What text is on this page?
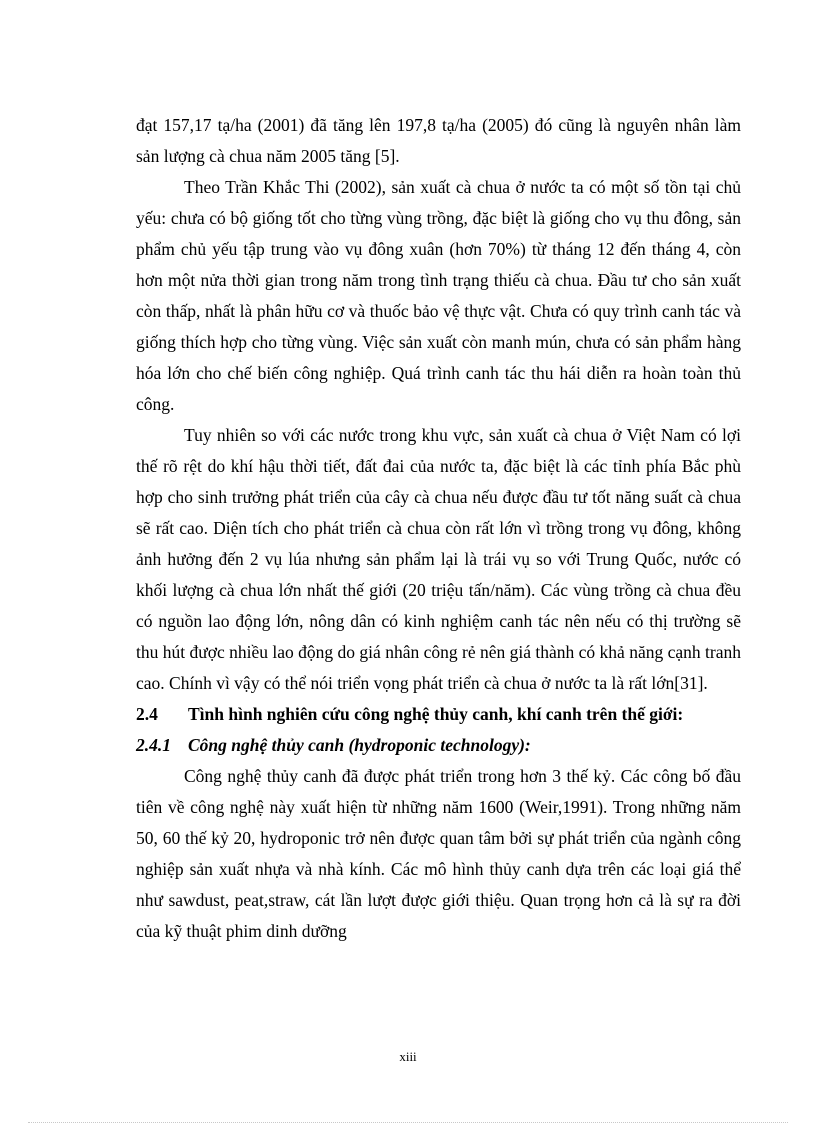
đạt 157,17 tạ/ha (2001) đã tăng lên 197,8 tạ/ha (2005) đó cũng là nguyên nhân làm sản lượng cà chua năm 2005 tăng [5].

Theo Trần Khắc Thi (2002), sản xuất cà chua ở nước ta có một số tồn tại chủ yếu: chưa có bộ giống tốt cho từng vùng trồng, đặc biệt là giống cho vụ thu đông, sản phẩm chủ yếu tập trung vào vụ đông xuân (hơn 70%) từ tháng 12 đến tháng 4, còn hơn một nửa thời gian trong năm trong tình trạng thiếu cà chua. Đầu tư cho sản xuất còn thấp, nhất là phân hữu cơ và thuốc bảo vệ thực vật. Chưa có quy trình canh tác và giống thích hợp cho từng vùng. Việc sản xuất còn manh mún, chưa có sản phẩm hàng hóa lớn cho chế biến công nghiệp. Quá trình canh tác thu hái diễn ra hoàn toàn thủ công.

Tuy nhiên so với các nước trong khu vực, sản xuất cà chua ở Việt Nam có lợi thế rõ rệt do khí hậu thời tiết, đất đai của nước ta, đặc biệt là các tỉnh phía Bắc phù hợp cho sinh trưởng phát triển của cây cà chua nếu được đầu tư tốt năng suất cà chua sẽ rất cao. Diện tích cho phát triển cà chua còn rất lớn vì trồng trong vụ đông, không ảnh hưởng đến 2 vụ lúa nhưng sản phẩm lại là trái vụ so với Trung Quốc, nước có khối lượng cà chua lớn nhất thế giới (20 triệu tấn/năm). Các vùng trồng cà chua đều có nguồn lao động lớn, nông dân có kinh nghiệm canh tác nên nếu có thị trường sẽ thu hút được nhiều lao động do giá nhân công rẻ nên giá thành có khả năng cạnh tranh cao. Chính vì vậy có thể nói triển vọng phát triển cà chua ở nước ta là rất lớn[31].

2.4	Tình hình nghiên cứu công nghệ thủy canh, khí canh trên thế giới:
2.4.1 Công nghệ thủy canh (hydroponic technology):

Công nghệ thủy canh đã được phát triển trong hơn 3 thế kỷ. Các công bố đầu tiên về công nghệ này xuất hiện từ những năm 1600 (Weir,1991). Trong những năm 50, 60 thế kỷ 20, hydroponic trở nên được quan tâm bởi sự phát triển của ngành công nghiệp sản xuất nhựa và nhà kính. Các mô hình thủy canh dựa trên các loại giá thể như sawdust, peat,straw, cát lần lượt được giới thiệu. Quan trọng hơn cả là sự ra đời của kỹ thuật phim dinh dưỡng

xiii
